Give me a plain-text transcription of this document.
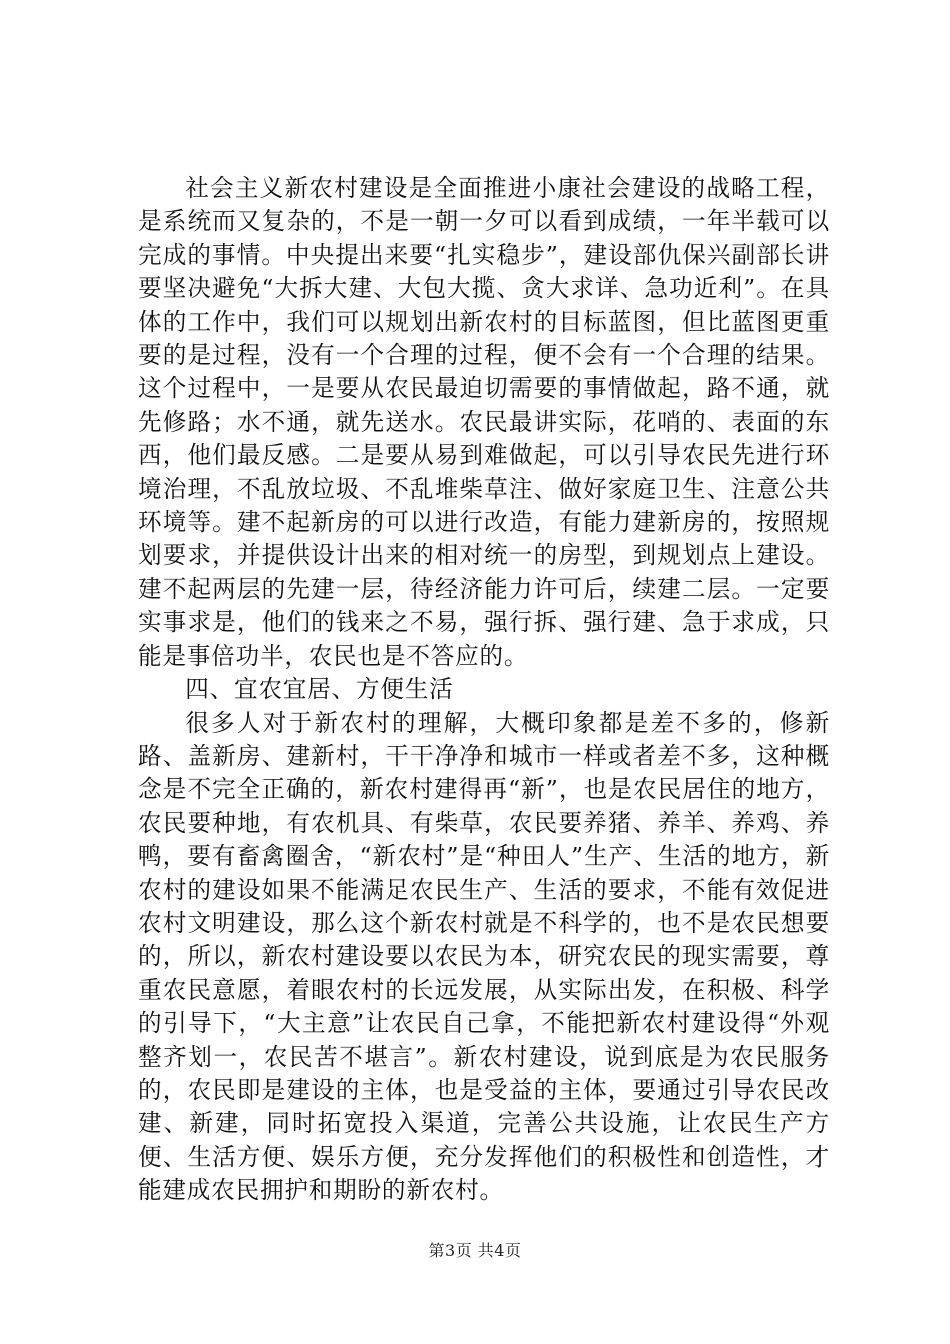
社会主义新农村建设是全面推进小康社会建设的战略工程，是系统而又复杂的，不是一朝一夕可以看到成绩，一年半载可以完成的事情。中央提出来要“扎实稳步”，建设部仇保兴副部长讲要坚决避免“大拆大建、大包大揽、贪大求详、急功近利”。在具体的工作中，我们可以规划出新农村的目标蓝图，但比蓝图更重要的是过程，没有一个合理的过程，便不会有一个合理的结果。这个过程中，一是要从农民最迫切需要的事情做起，路不通，就先修路；水不通，就先送水。农民最讲实际，花哨的、表面的东西，他们最反感。二是要从易到难做起，可以引导农民先进行环境治理，不乱放垃圾、不乱堆柴草注、做好家庭卫生、注意公共环境等。建不起新房的可以进行改造，有能力建新房的，按照规划要求，并提供设计出来的相对统一的房型，到规划点上建设。建不起两层的先建一层，待经济能力许可后，续建二层。一定要实事求是，他们的钱来之不易，强行拆、强行建、急于求成，只能是事倍功半，农民也是不答应的。

四、宜农宜居、方便生活

很多人对于新农村的理解，大概印象都是差不多的，修新路、盖新房、建新村，干干净净和城市一样或者差不多，这种概念是不完全正确的，新农村建得再“新”，也是农民居住的地方，农民要种地，有农机具、有柴草，农民要养猪、养羊、养鸡、养鸭，要有畜禽圈舍，“新农村”是“种田人”生产、生活的地方，新农村的建设如果不能满足农民生产、生活的要求，不能有效促进农村文明建设，那么这个新农村就是不科学的，也不是农民想要的，所以，新农村建设要以农民为本，研究农民的现实需要，尊重农民意愿，着眼农村的长远发展，从实际出发，在积极、科学的引导下，“大主意”让农民自己拿，不能把新农村建设得“外观整齐划一，农民苦不堪言”。新农村建设，说到底是为农民服务的，农民即是建设的主体，也是受益的主体，要通过引导农民改建、新建，同时拓宽投入渠道，完善公共设施，让农民生产方便、生活方便、娱乐方便，充分发挥他们的积极性和创造性，才能建成农民拥护和期盼的新农村。

第3页 共4页
